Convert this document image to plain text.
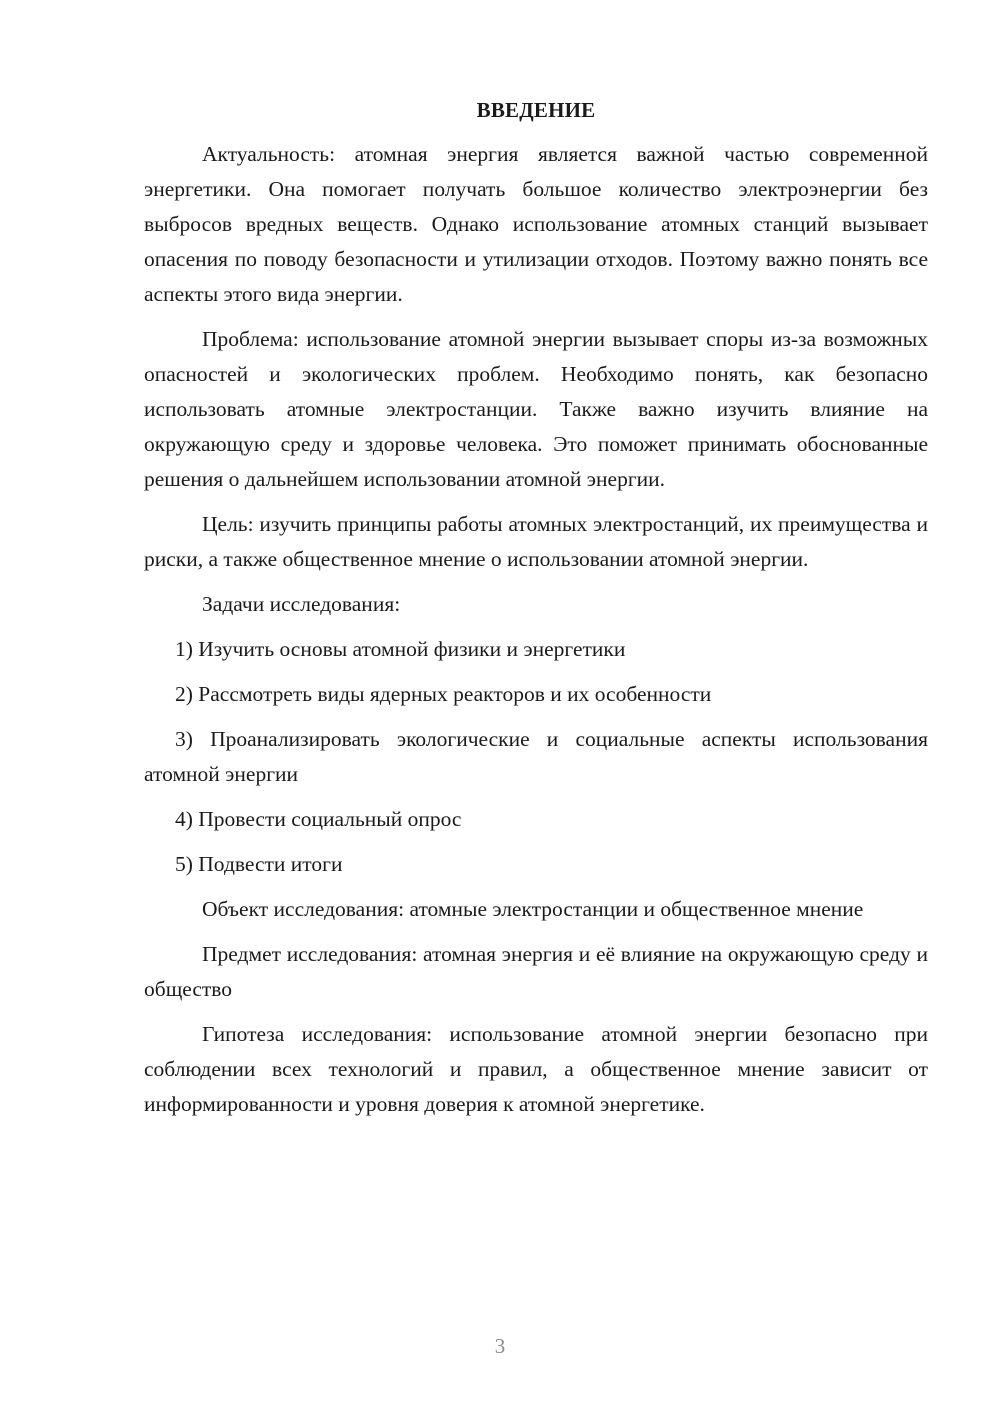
ВВЕДЕНИЕ
Актуальность: атомная энергия является важной частью современной энергетики. Она помогает получать большое количество электроэнергии без выбросов вредных веществ. Однако использование атомных станций вызывает опасения по поводу безопасности и утилизации отходов. Поэтому важно понять все аспекты этого вида энергии.
Проблема: использование атомной энергии вызывает споры из-за возможных опасностей и экологических проблем. Необходимо понять, как безопасно использовать атомные электростанции. Также важно изучить влияние на окружающую среду и здоровье человека. Это поможет принимать обоснованные решения о дальнейшем использовании атомной энергии.
Цель: изучить принципы работы атомных электростанций, их преимущества и риски, а также общественное мнение о использовании атомной энергии.
Задачи исследования:
1) Изучить основы атомной физики и энергетики
2) Рассмотреть виды ядерных реакторов и их особенности
3) Проанализировать экологические и социальные аспекты использования атомной энергии
4) Провести социальный опрос
5) Подвести итоги
Объект исследования: атомные электростанции и общественное мнение
Предмет исследования: атомная энергия и её влияние на окружающую среду и общество
Гипотеза исследования: использование атомной энергии безопасно при соблюдении всех технологий и правил, а общественное мнение зависит от информированности и уровня доверия к атомной энергетике.
3
